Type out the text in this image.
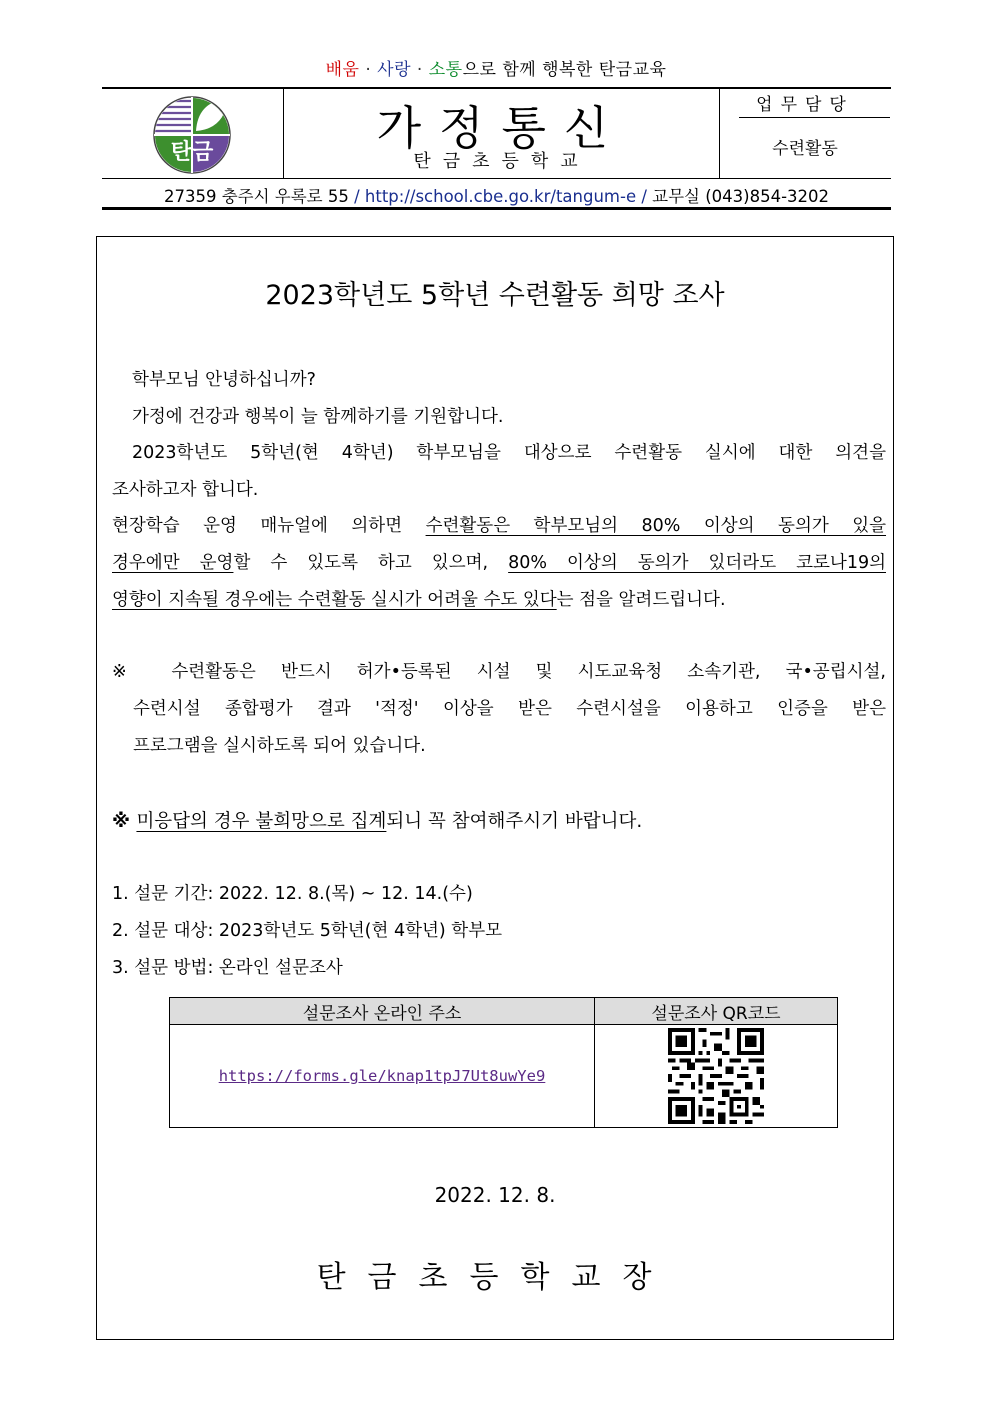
배움 · 사랑 · 소통으로 함께 행복한 탄금교육
탄금	가정통신
탄금초등학교
업무담당
수련활동
27359 충주시 우록로 55 / http://school.cbe.go.kr/tangum-e / 교무실 (043)854-3202
2023학년도 5학년 수련활동 희망 조사
학부모님 안녕하십니까?
가정에 건강과 행복이 늘 함께하기를 기원합니다.
2023학년도 5학년(현 4학년) 학부모님을 대상으로 수련활동 실시에 대한 의견을
조사하고자 합니다.
현장학습 운영 매뉴얼에 의하면 수련활동은 학부모님의 80% 이상의 동의가 있을
경우에만 운영할 수 있도록 하고 있으며, 80% 이상의 동의가 있더라도 코로나19의
영향이 지속될 경우에는 수련활동 실시가 어려울 수도 있다는 점을 알려드립니다.
※ 수련활동은 반드시 허가•등록된 시설 및 시도교육청 소속기관, 국•공립시설,
수련시설 종합평가 결과 '적정' 이상을 받은 수련시설을 이용하고 인증을 받은
프로그램을 실시하도록 되어 있습니다.
※ 미응답의 경우 불희망으로 집계되니 꼭 참여해주시기 바랍니다.
1. 설문 기간: 2022. 12. 8.(목) ~ 12. 14.(수)
2. 설문 대상: 2023학년도 5학년(현 4학년) 학부모
3. 설문 방법: 온라인 설문조사
설문조사 온라인 주소	설문조사 QR코드
https://forms.gle/knap1tpJ7Ut8uwYe9	
2022. 12. 8.
탄금초등학교장
